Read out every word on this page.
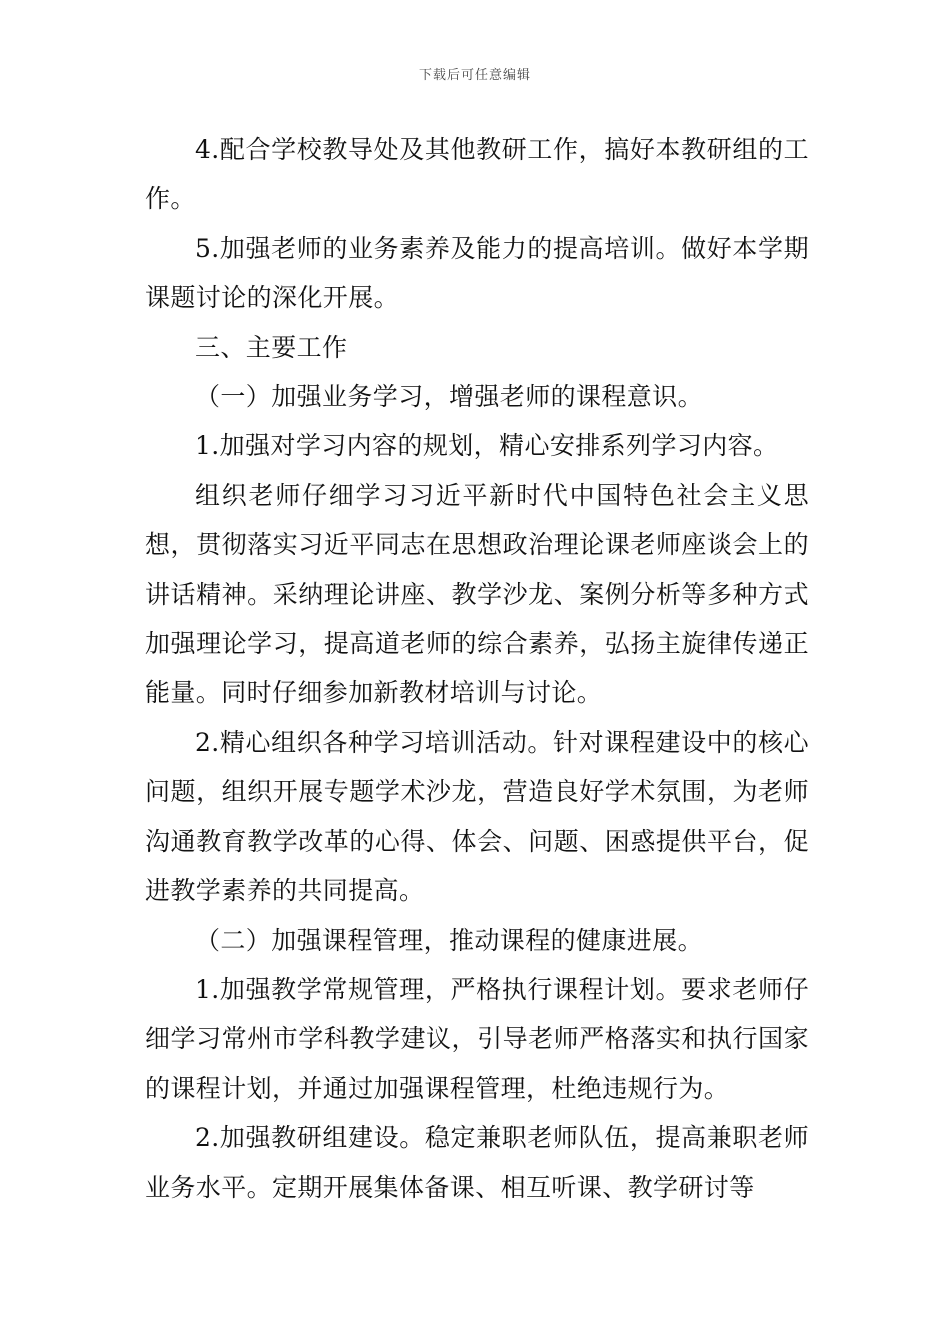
下载后可任意编辑

4.配合学校教导处及其他教研工作，搞好本教研组的工作。

5.加强老师的业务素养及能力的提高培训。做好本学期课题讨论的深化开展。

三、主要工作

（一）加强业务学习，增强老师的课程意识。

1.加强对学习内容的规划，精心安排系列学习内容。

组织老师仔细学习习近平新时代中国特色社会主义思想，贯彻落实习近平同志在思想政治理论课老师座谈会上的讲话精神。采纳理论讲座、教学沙龙、案例分析等多种方式加强理论学习，提高道老师的综合素养，弘扬主旋律传递正能量。同时仔细参加新教材培训与讨论。

2.精心组织各种学习培训活动。针对课程建设中的核心问题，组织开展专题学术沙龙，营造良好学术氛围，为老师沟通教育教学改革的心得、体会、问题、困惑提供平台，促进教学素养的共同提高。

（二）加强课程管理，推动课程的健康进展。

1.加强教学常规管理，严格执行课程计划。要求老师仔细学习常州市学科教学建议，引导老师严格落实和执行国家的课程计划，并通过加强课程管理，杜绝违规行为。

2.加强教研组建设。稳定兼职老师队伍，提高兼职老师业务水平。定期开展集体备课、相互听课、教学研讨等
